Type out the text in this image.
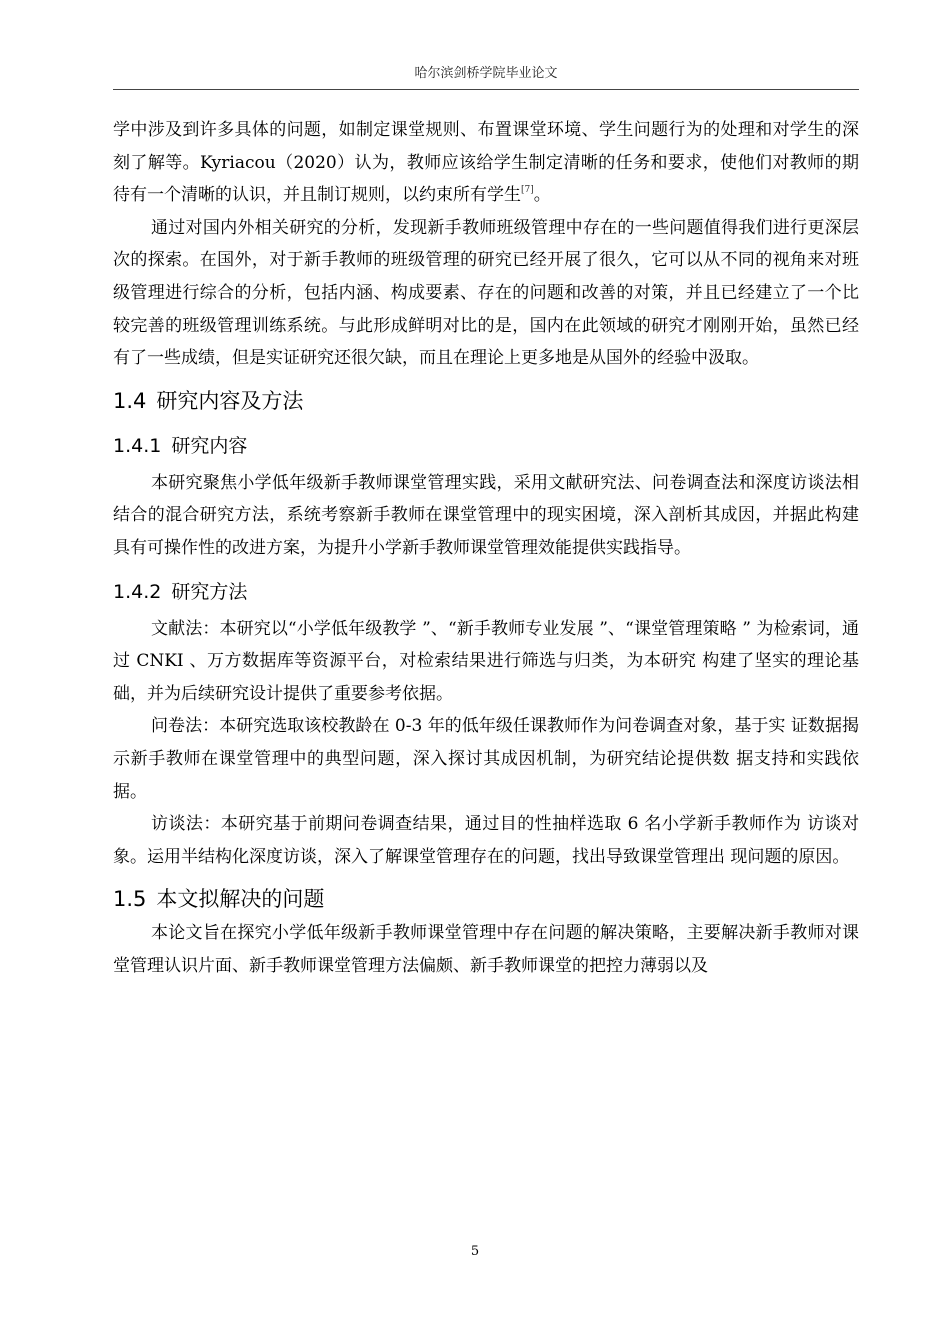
哈尔滨剑桥学院毕业论文

学中涉及到许多具体的问题，如制定课堂规则、布置课堂环境、学生问题行为的处理和对学生的深刻了解等。Kyriacou（2020）认为，教师应该给学生制定清晰的任务和要求，使他们对教师的期待有一个清晰的认识，并且制订规则，以约束所有学生[7]。

通过对国内外相关研究的分析，发现新手教师班级管理中存在的一些问题值得我们进行更深层次的探索。在国外，对于新手教师的班级管理的研究已经开展了很久，它可以从不同的视角来对班级管理进行综合的分析，包括内涵、构成要素、存在的问题和改善的对策，并且已经建立了一个比较完善的班级管理训练系统。与此形成鲜明对比的是，国内在此领域的研究才刚刚开始，虽然已经有了一些成绩，但是实证研究还很欠缺，而且在理论上更多地是从国外的经验中汲取。

1.4 研究内容及方法
1.4.1 研究内容

本研究聚焦小学低年级新手教师课堂管理实践，采用文献研究法、问卷调查法和深度访谈法相结合的混合研究方法，系统考察新手教师在课堂管理中的现实困境，深入剖析其成因，并据此构建具有可操作性的改进方案，为提升小学新手教师课堂管理效能提供实践指导。

1.4.2 研究方法

文献法：本研究以“小学低年级教学 ”、“新手教师专业发展 ”、“课堂管理策略 ” 为检索词，通过 CNKI 、万方数据库等资源平台，对检索结果进行筛选与归类，为本研究 构建了坚实的理论基础，并为后续研究设计提供了重要参考依据。

问卷法：本研究选取该校教龄在 0-3 年的低年级任课教师作为问卷调查对象，基于实 证数据揭示新手教师在课堂管理中的典型问题，深入探讨其成因机制，为研究结论提供数 据支持和实践依据。

访谈法：本研究基于前期问卷调查结果，通过目的性抽样选取 6 名小学新手教师作为 访谈对象。运用半结构化深度访谈，深入了解课堂管理存在的问题，找出导致课堂管理出 现问题的原因。

1.5 本文拟解决的问题

本论文旨在探究小学低年级新手教师课堂管理中存在问题的解决策略，主要解决新手教师对课堂管理认识片面、新手教师课堂管理方法偏颇、新手教师课堂的把控力薄弱以及

5
